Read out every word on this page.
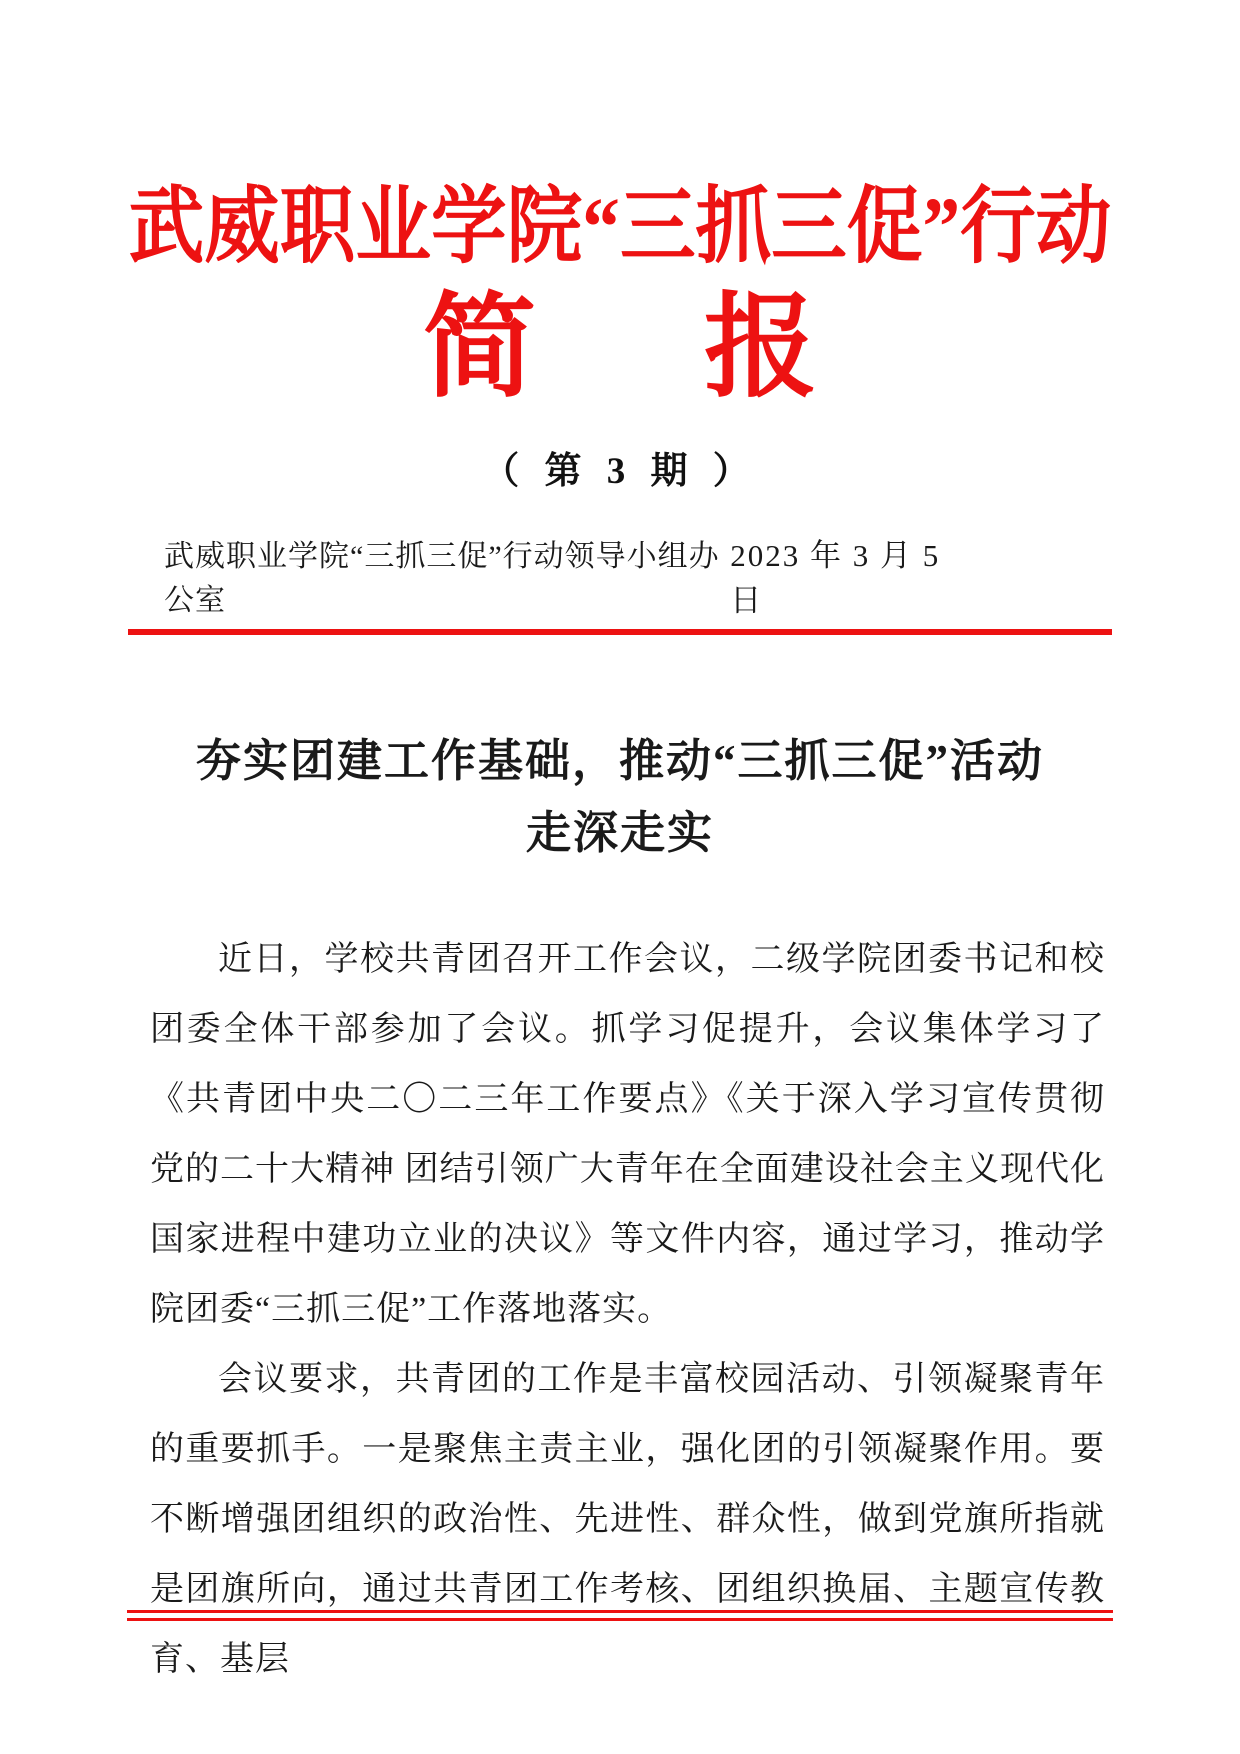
武威职业学院“三抓三促”行动
简 报
（ 第 3 期 ）
武威职业学院“三抓三促”行动领导小组办公室
2023 年 3 月 5 日
夯实团建工作基础，推动“三抓三促”活动
走深走实

近日，学校共青团召开工作会议，二级学院团委书记和校团委全体干部参加了会议。抓学习促提升，会议集体学习了《共青团中央二〇二三年工作要点》《关于深入学习宣传贯彻党的二十大精神 团结引领广大青年在全面建设社会主义现代化国家进程中建功立业的决议》等文件内容，通过学习，推动学院团委“三抓三促”工作落地落实。

会议要求，共青团的工作是丰富校园活动、引领凝聚青年的重要抓手。一是聚焦主责主业，强化团的引领凝聚作用。要不断增强团组织的政治性、先进性、群众性，做到党旗所指就是团旗所向，通过共青团工作考核、团组织换届、主题宣传教育、基层
